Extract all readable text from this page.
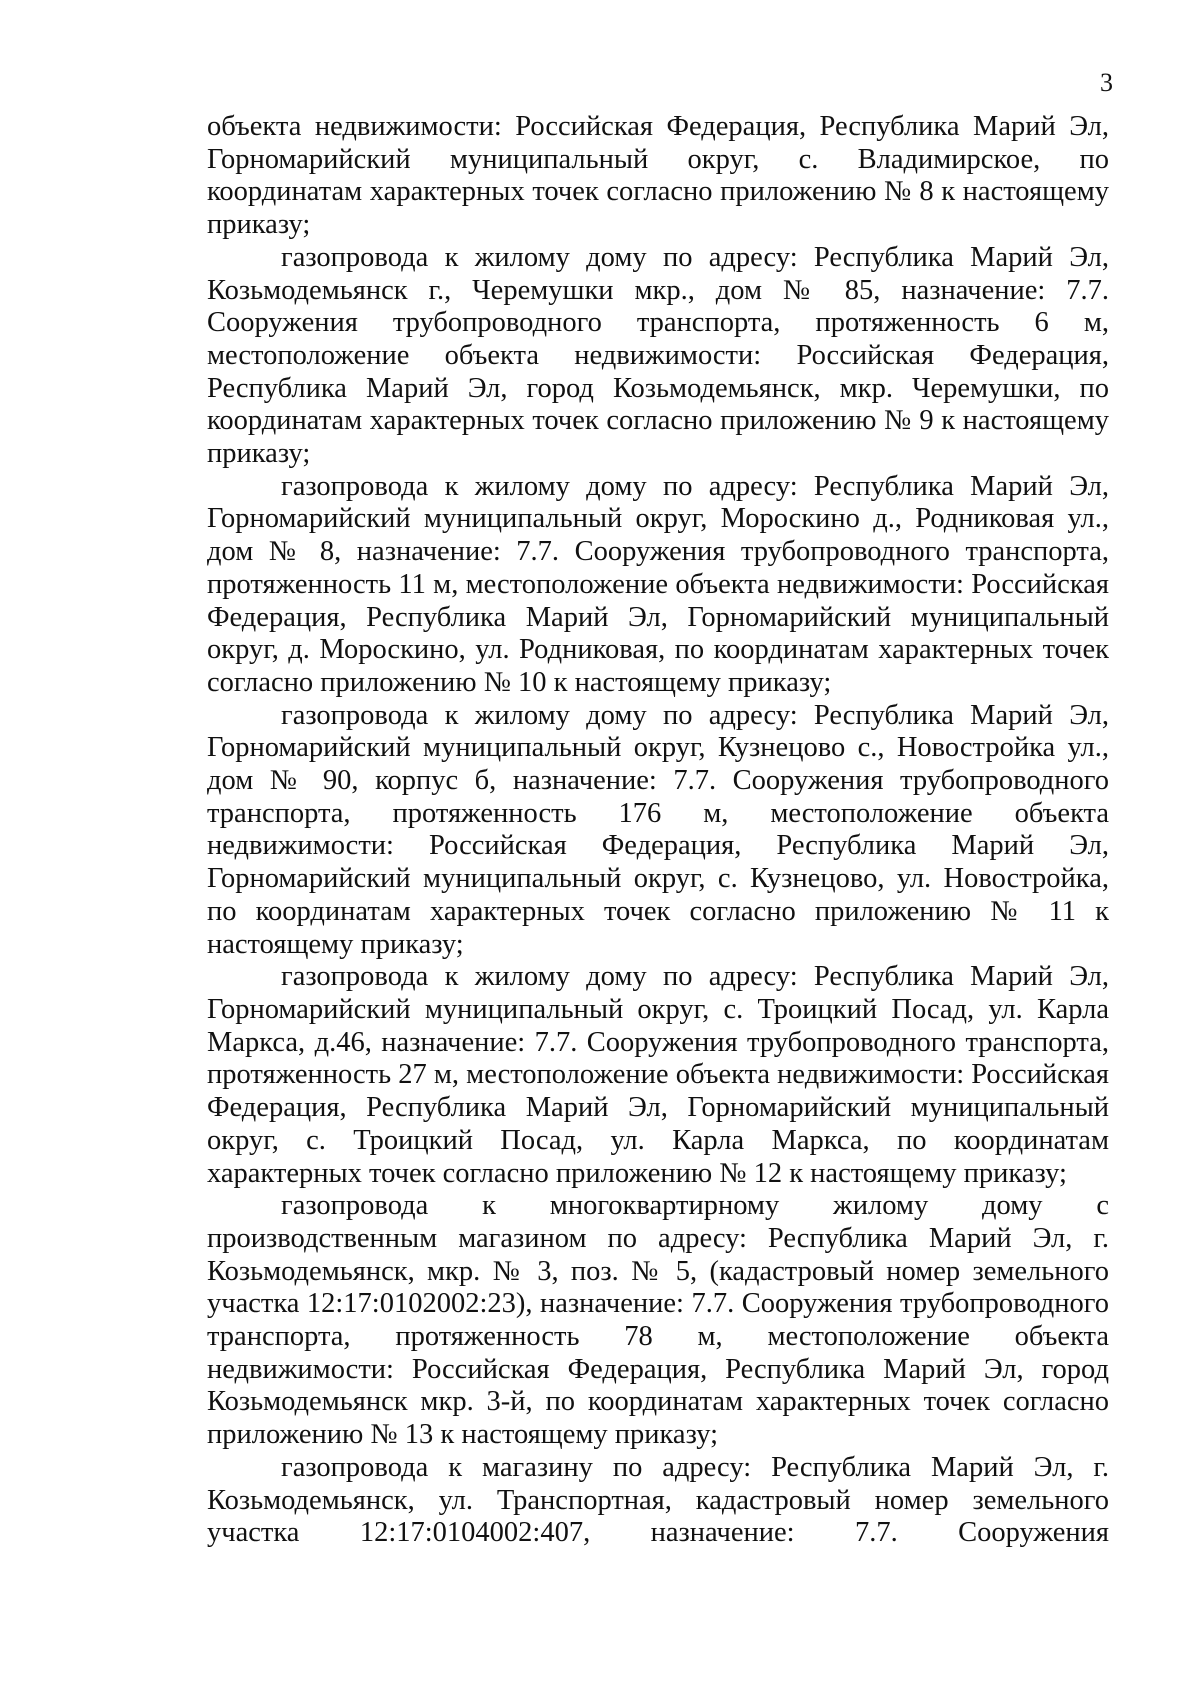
3

объекта недвижимости: Российская Федерация, Республика Марий Эл, Горномарийский муниципальный округ, с. Владимирское, по координатам характерных точек согласно приложению № 8 к настоящему приказу;

газопровода к жилому дому по адресу: Республика Марий Эл, Козьмодемьянск г., Черемушки мкр., дом № 85, назначение: 7.7. Сооружения трубопроводного транспорта, протяженность 6 м, местоположение объекта недвижимости: Российская Федерация, Республика Марий Эл, город Козьмодемьянск, мкр. Черемушки, по координатам характерных точек согласно приложению № 9 к настоящему приказу;

газопровода к жилому дому по адресу: Республика Марий Эл, Горномарийский муниципальный округ, Мороскино д., Родниковая ул., дом № 8, назначение: 7.7. Сооружения трубопроводного транспорта, протяженность 11 м, местоположение объекта недвижимости: Российская Федерация, Республика Марий Эл, Горномарийский муниципальный округ, д. Мороскино, ул. Родниковая, по координатам характерных точек согласно приложению № 10 к настоящему приказу;

газопровода к жилому дому по адресу: Республика Марий Эл, Горномарийский муниципальный округ, Кузнецово с., Новостройка ул., дом № 90, корпус б, назначение: 7.7. Сооружения трубопроводного транспорта, протяженность 176 м, местоположение объекта недвижимости: Российская Федерация, Республика Марий Эл, Горномарийский муниципальный округ, с. Кузнецово, ул. Новостройка, по координатам характерных точек согласно приложению № 11 к настоящему приказу;

газопровода к жилому дому по адресу: Республика Марий Эл, Горномарийский муниципальный округ, с. Троицкий Посад, ул. Карла Маркса, д.46, назначение: 7.7. Сооружения трубопроводного транспорта, протяженность 27 м, местоположение объекта недвижимости: Российская Федерация, Республика Марий Эл, Горномарийский муниципальный округ, с. Троицкий Посад, ул. Карла Маркса, по координатам характерных точек согласно приложению № 12 к настоящему приказу;

газопровода к многоквартирному жилому дому с производственным магазином по адресу: Республика Марий Эл, г. Козьмодемьянск, мкр. № 3, поз. № 5, (кадастровый номер земельного участка 12:17:0102002:23), назначение: 7.7. Сооружения трубопроводного транспорта, протяженность 78 м, местоположение объекта недвижимости: Российская Федерация, Республика Марий Эл, город Козьмодемьянск мкр. 3-й, по координатам характерных точек согласно приложению № 13 к настоящему приказу;

газопровода к магазину по адресу: Республика Марий Эл, г. Козьмодемьянск, ул. Транспортная, кадастровый номер земельного участка 12:17:0104002:407, назначение: 7.7. Сооружения
